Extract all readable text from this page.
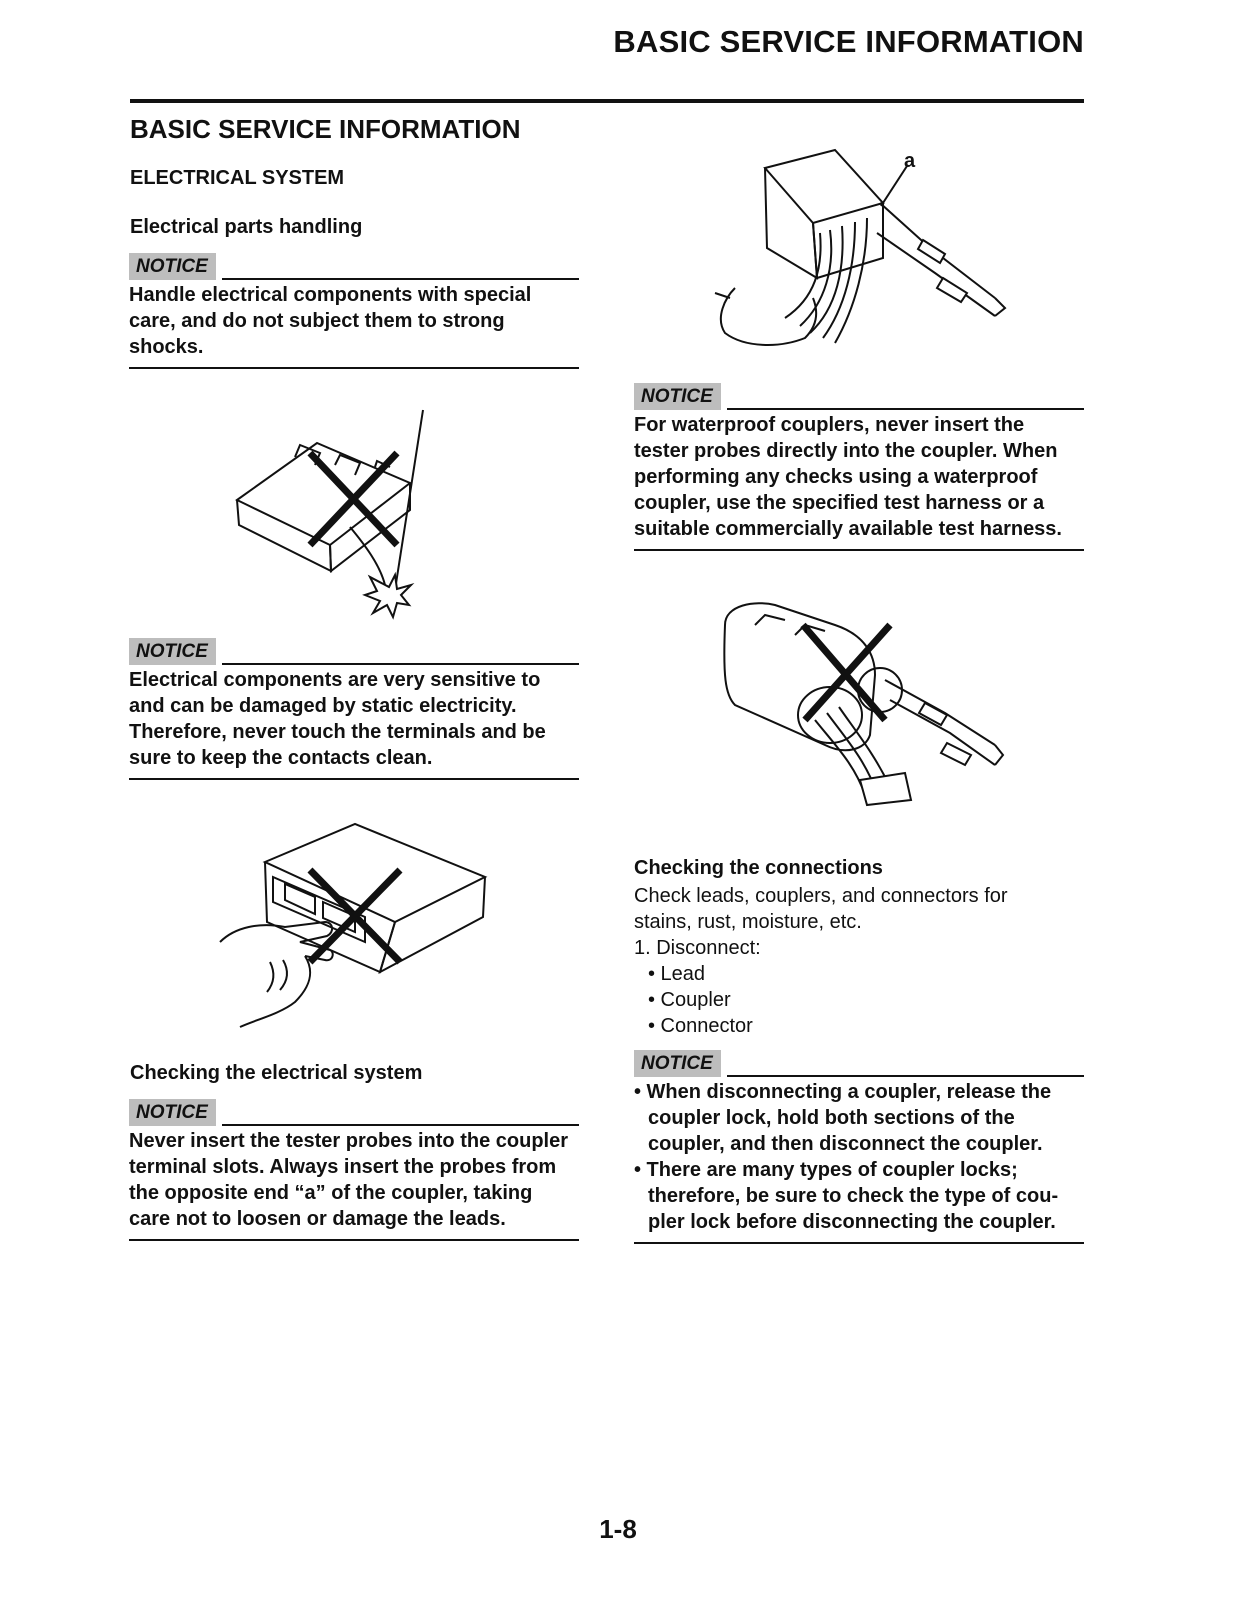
BASIC SERVICE INFORMATION
BASIC SERVICE INFORMATION
ELECTRICAL SYSTEM
Electrical parts handling
NOTICE
Handle electrical components with special care, and do not subject them to strong shocks.
NOTICE
Electrical components are very sensitive to and can be damaged by static electricity. Therefore, never touch the terminals and be sure to keep the contacts clean.
Checking the electrical system
NOTICE
Never insert the tester probes into the coupler terminal slots. Always insert the probes from the opposite end “a” of the coupler, taking care not to loosen or damage the leads.
a
NOTICE
For waterproof couplers, never insert the tester probes directly into the coupler. When performing any checks using a waterproof coupler, use the specified test harness or a suitable commercially available test harness.
Checking the connections
Check leads, couplers, and connectors for stains, rust, moisture, etc.
1. Disconnect:
• Lead
• Coupler
• Connector
NOTICE
• When disconnecting a coupler, release the coupler lock, hold both sections of the coupler, and then disconnect the coupler.
• There are many types of coupler locks; therefore, be sure to check the type of coupler lock before disconnecting the coupler.
1-8
